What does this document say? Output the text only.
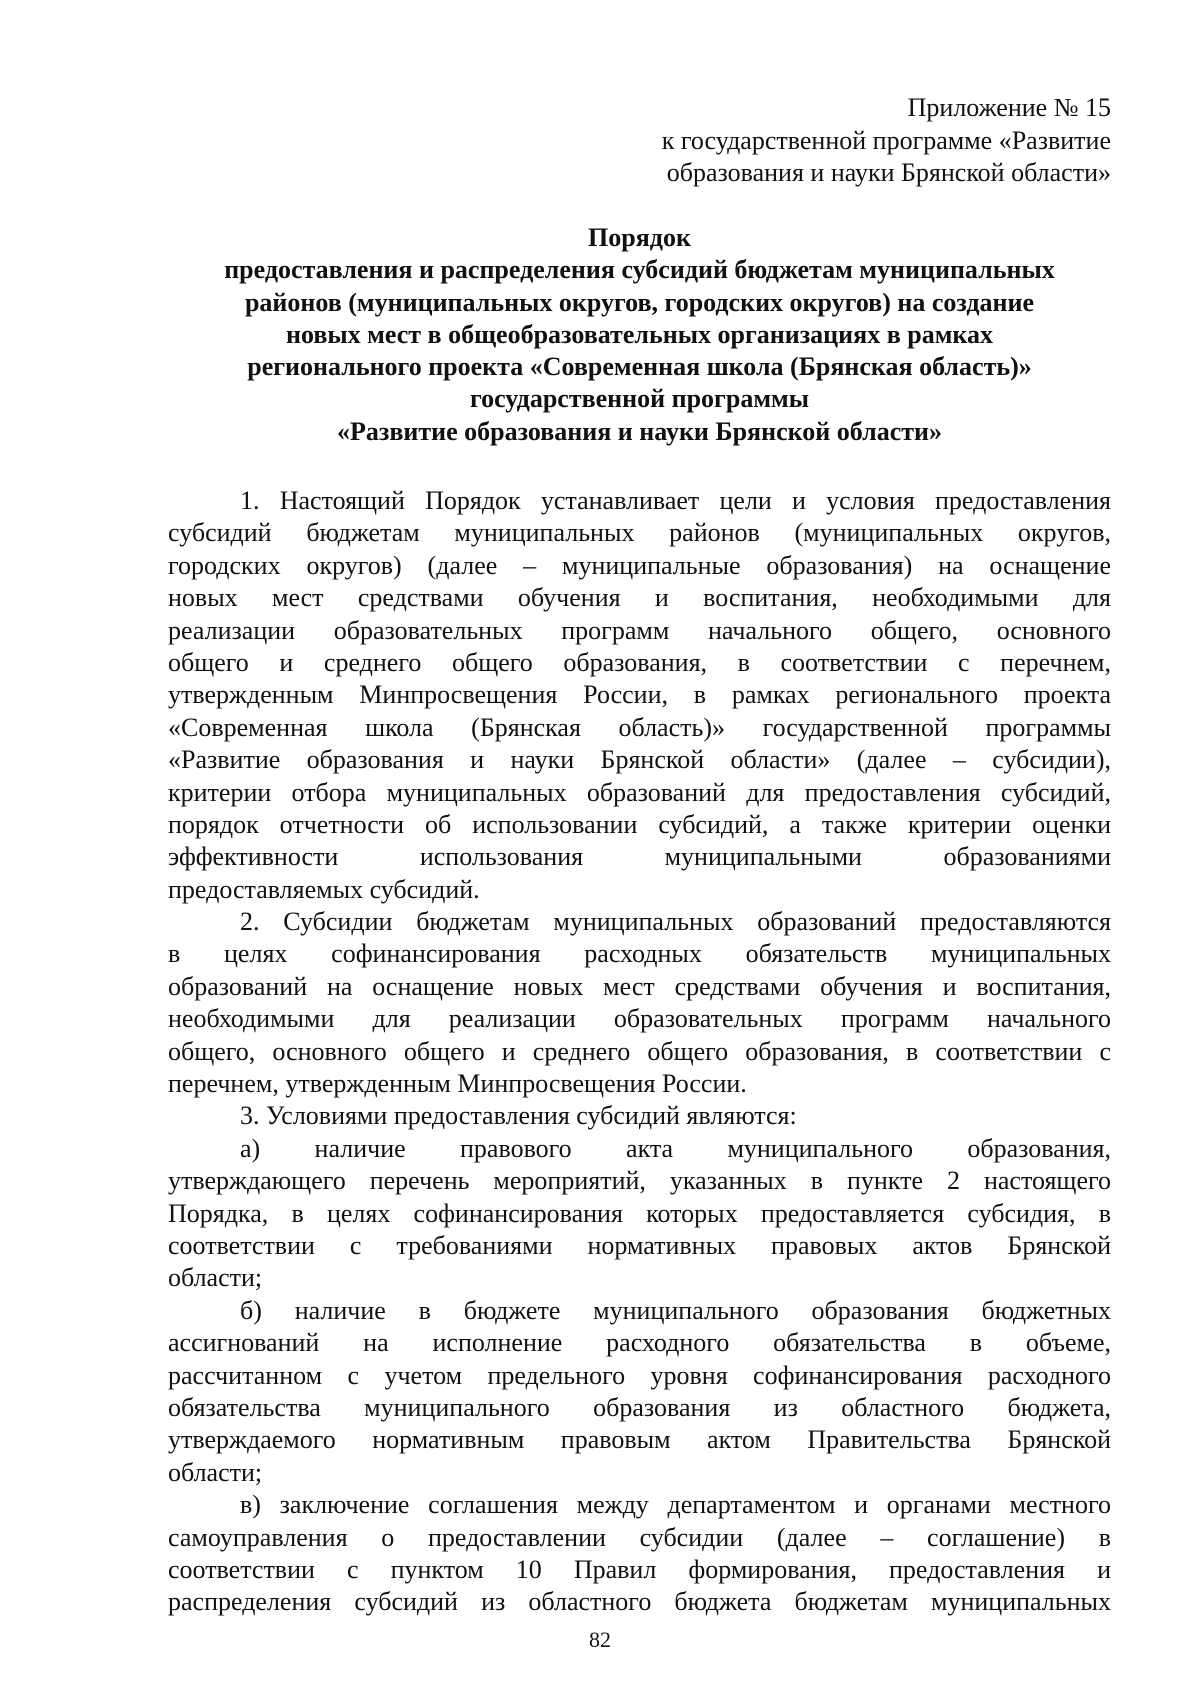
Приложение № 15
к государственной программе «Развитие
образования и науки Брянской области»
Порядок
предоставления и распределения субсидий бюджетам муниципальных
районов (муниципальных округов, городских округов) на создание
новых мест в общеобразовательных организациях в рамках
регионального проекта «Современная школа (Брянская область)»
государственной программы
«Развитие образования и науки Брянской области»
1. Настоящий Порядок устанавливает цели и условия предоставления
субсидий бюджетам муниципальных районов (муниципальных округов,
городских округов) (далее – муниципальные образования) на оснащение
новых мест средствами обучения и воспитания, необходимыми для
реализации образовательных программ начального общего, основного
общего и среднего общего образования, в соответствии с перечнем,
утвержденным Минпросвещения России, в рамках регионального проекта
«Современная школа (Брянская область)» государственной программы
«Развитие образования и науки Брянской области» (далее – субсидии),
критерии отбора муниципальных образований для предоставления субсидий,
порядок отчетности об использовании субсидий, а также критерии оценки
эффективности использования муниципальными образованиями
предоставляемых субсидий.
2. Субсидии бюджетам муниципальных образований предоставляются
в целях софинансирования расходных обязательств муниципальных
образований на оснащение новых мест средствами обучения и воспитания,
необходимыми для реализации образовательных программ начального
общего, основного общего и среднего общего образования, в соответствии с
перечнем, утвержденным Минпросвещения России.
3. Условиями предоставления субсидий являются:
а) наличие правового акта муниципального образования,
утверждающего перечень мероприятий, указанных в пункте 2 настоящего
Порядка, в целях софинансирования которых предоставляется субсидия, в
соответствии с требованиями нормативных правовых актов Брянской
области;
б) наличие в бюджете муниципального образования бюджетных
ассигнований на исполнение расходного обязательства в объеме,
рассчитанном с учетом предельного уровня софинансирования расходного
обязательства муниципального образования из областного бюджета,
утверждаемого нормативным правовым актом Правительства Брянской
области;
в) заключение соглашения между департаментом и органами местного
самоуправления о предоставлении субсидии (далее – соглашение) в
соответствии с пунктом 10 Правил формирования, предоставления и
распределения субсидий из областного бюджета бюджетам муниципальных
82
